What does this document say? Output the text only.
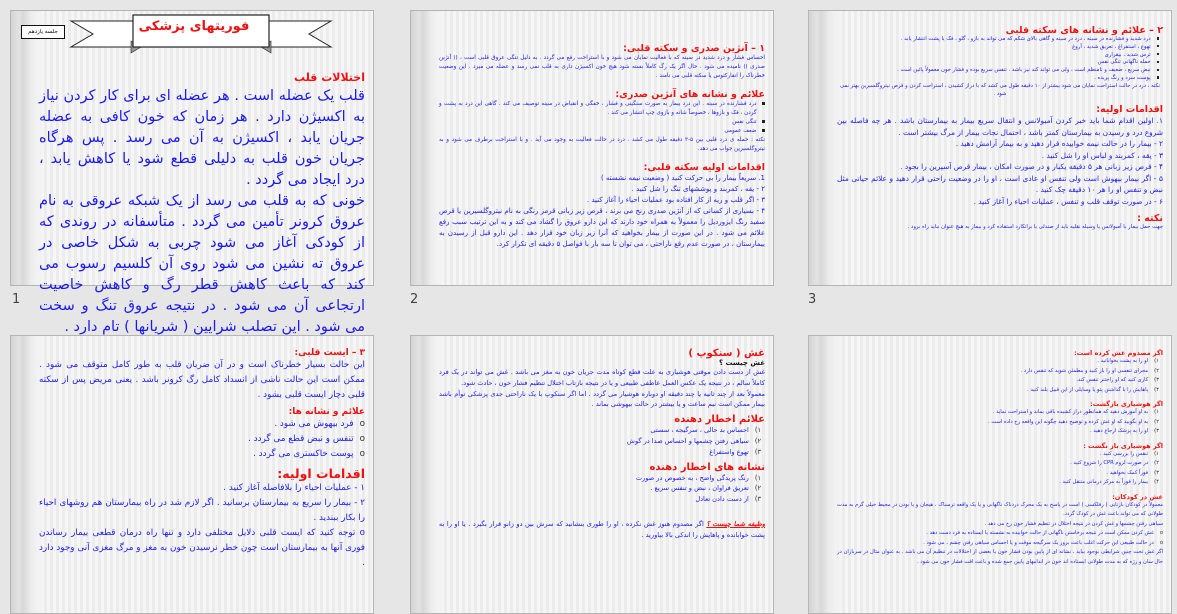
فوریتهای پزشکی
جلسه یازدهم
اختلالات قلب
قلب یک عضله است . هر عضله ای برای کار کردن نیاز به اکسیژن دارد . هر زمان که خون کافی به عضله جریان یابد ، اکسیژن به آن می رسد . پس هرگاه جریان خون قلب به دلیلی قطع شود یا کاهش یابد ، درد ایجاد می گردد .
خونی که به قلب می رسد از یک شبکه عروقی به نام عروق کرونر تأمین می گردد . متأسفانه در روندی که از کودکی آغاز می شود چربی به شکل خاصی در عروق ته نشین می شود روی آن کلسیم رسوب می کند که باعث کاهش قطر رگ و کاهش خاصیت ارتجاعی آن می شود . در نتیجه عروق تنگ و سخت می شود . این تصلب شرایین ( شریانها ) تام دارد .
۱ – آنژین صدری و سکته قلبی:
احساس فشار و درد شدید در سینه که با فعالیت نمایان می شود و با استراحت رفع می گردد . به دلیل تنگی عروق قلبی است ، (( آنژین صدری )) نامیده می شود . حال اگر یک رگ کاملاً بسته شود هیچ خون اکسیژن داری به قلب نمی رسد و عضله می میرد . این وضعیت خطرناک را انفارکتوس یا سکته قلبی می نامند .
علائم و نشانه های آنژین صدری:
درد فشارنده در سینه . این درد بیمار به صورت سنگینی و فشار ، خفگی و انقباض در سینه توصیف می کند . گاهی این درد به پشت و گردن ، فک و بازوها ، خصوصاً شانه و بازوی چپ انتشار می کند .
تنگی نفس
ضعف عمومی
نکته : حمله ی درد قلبی بین ۵-۳ دقیقه طول می کشد . درد در حالت فعالیت به وجود می آید . و با استراحت برطرف می شود و به نیتروگلسیرین جواب می دهد.
اقدامات اولیه سکته قلبی:
1. سریعاً بیمار را بی حرکت کنید ( وضعیت نیمه نشسته )
۲ - یقه ، کمربند و پوششهای تنگ را شل کنید .
۳ - اگر قلب و ریه از کار افتاده بود عملیات احیاء را آغاز کنید .
۴ - بسیاری از کسانی که از آنژین صدری رنج می برند ، قرص زیر زبانی قرمز رنگی به نام نیتروگلسیرین یا قرص سفید رنگ ایزوردیل را معمولاً به همراه خود دارند که این دارو عروق را گشاد می کند و به این ترتیب سبب رفع علائم می شود . در این صورت از بیمار بخواهید که آنرا زیر زبان خود قرار دهد . این دارو قبل از رسیدن به بیمارستان ، در صورت عدم رفع ناراحتی ، می توان تا سه بار با فواصل ۵ دقیقه ای تکرار کرد.
۲ – علائم و نشانه های سکته قلبی
درد شدید و فشارنده در سینه ، درد در سینه و گاهی بالای شکم که می تواند به بازو ، گلو ، فک یا پشت انتشار یابد .
تهوع ، استفراغ ، تعریق شدید ، آروغ
ترس شدید ، بیقراری
حمله ناگهانی تنگی نفس
نبض سریع ، ضعیف و نامنظم است ، ولی می تواند کند نیز باشد . تنفس سریع بوده و فشار خون معمولاً پائین است .
پوست سرد و رنگ پریده .
نکته ، درد در حالت استراحت نمایان می شود بیشتر از ۱۰ دقیقه طول می کشد که با دراز کشیدن ، استراحت کردن و قرص نیتروگلسیرین بهتر نمی شود .
اقدامات اولیه:
۱. اولین اقدام شما باید خبر کردن آمبولانس و انتقال سریع بیمار به بیمارستان باشد . هر چه فاصله بین شروع درد و رسیدن به بیمارستان کمتر باشد ، احتمال نجات بیمار از مرگ بیشتر است .
۲ - بیمار را در حالت نیمه خوابیده قرار دهید و به بیمار آرامش دهید .
۳ - یقه ، کمربند و لباس او را شل کنید .
۴ - قرص زیر زبانی هر ۵ دقیقه یکبار و در صورت امکان ، بیمار قرص آسپرین را بجود .
۵ - اگر بیمار بیهوش است ولی تنفس او عادی است ، او را در وضعیت راحتی قرار دهید و علائم حیاتی مثل نبض و تنفس او را هر ۱۰ دقیقه چک کنید .
۶ - در صورت توقف قلب و تنفس ، عملیات احیاء را آغاز کنید .
نکته :
جهت حمل بیمار با آمبولانس یا وسیله نقلیه باید از صندلی یا برانکارد استفاده کرد و بیمار به هیچ عنوان نباید راه برود .
۳ – ایست قلبی:
این حالت بسیار خطرناک است و در آن ضربان قلب به طور کامل متوقف می شود . ممکن است این حالت ناشی از انسداد کامل رگ کرونر باشد . یعنی مریض پس از سکته قلبی دچار ایست قلبی بشود .
علائم و نشانه ها:
o
فرد بیهوش می شود .
o
تنفس و نبض قطع می گردد .
o
پوست خاکستری می گردد .
اقدامات اولیه:
۱ - عملیات احیاء را بلافاصله آغاز کنید .
۲ - بیمار را سریع به بیمارستان برسانید . اگر لازم شد در راه بیمارستان هم روشهای احیاء را بکار ببندید .
o توجه کنید که ایست قلبی دلایل مختلفی دارد و تنها راه درمان قطعی بیمار رساندن فوری آنها به بیمارستان است چون خطر نرسیدن خون به مغز و مرگ مغزی آنی وجود دارد .
غش ( سنکوپ )
غش چیست ؟
غش از دست دادن موقتی هوشیاری به علت قطع کوتاه مدت جریان خون به مغز می باشد . غش می تواند در یک فرد کاملاً سالم ، در نتیجه یک عکس العمل عاطفی طبیعی و یا در نتیجه بازتاب اختلال تنظیم فشار خون ، حادث شود.
معمولاً بعد از چند ثانیه یا چند دقیقه او دوباره هوشیار می گردد . اما اگر سنکوپ با یک ناراحتی جدی پزشکی توأم باشد بیمار ممکن است نیم ساعت و یا بیشتر در حالت بیهوشی بماند .
علائم اخطار دهنده
۱)
احساس بد حالی ، سرگیجه ، سستی
۲)
سیاهی رفتن چشمها و احساس صدا در گوش
۳)
تهوع واستفراغ
نشانه های اخطار دهنده
۱)
رنگ پریدگی واضح ، به خصوص در صورت
۲)
تعریق فراوان ، نبض و تنفس سریع .
۳)
از دست دادن تعادل
وظیفه شما چیست ؟ اگر مصدوم هنوز غش نکرده ، او را طوری بنشانید که سرش بین دو زانو قرار بگیرد . یا او را به پشت خوابانده و پاهایش را اندکی بالا بیاورید .
اگر مصدوم غش کرده است:
۱)
او را به پشت بخوابانید .
۲)
مجرای تنفسی او را باز کنید و مطمئن شوید که تنفس دارد .
۳)
کاری کنید که او راحتتر تنفس کند.
۴)
پاهایش را با گذاشتن پتو یا وسایلی از این قبیل بلند کنید .
اگر هوشیاری بازگشت:
۱)
به او آموزش دهید که همانطور دراز کشیده باقی بماند و استراحت نماید .
۲)
به او بگویید که او غش کرده و توضیح دهید چگونه این واقعه رخ داده است .
۳)
او را به پزشک ارجاع دهید .
اگر هوشیاری باز نگشت :
۱)
تنفس را بررسی کنید .
۲)
در صورت لزوم CPR را شروع کنید .
۳)
فوراً کمک بخواهید .
۴)
بیمار را فوراً به مرکز درمانی منتقل کنید .
غش در کودکان:
معمولاً در کودکان بازتابی ( رفلکسی ) است در پاسخ به یک محرک دردناک ناگهانی و یا یک واقعه ترسناک ، هیجان و یا بودن در محیط خیلی گرم به مدت طولانی که می تواند باعث غش در کودک گردد.
سیاهی رفتن چشمها و غش کردن در نتیجه اختلال در تنظیم فشار خون رخ می دهد .
o
غش کردن ممکن است در نتیجه برخاستن ناگهانی از حالت خوابیده به نشسته یا ایستاده به فرد دست دهد .
o
در حالت طبیعی این حرکت اغلب باعث بروز یک سرگیجه موقت و یا احساس سیاهی رفتن چشم ، می شود .
اگر غش تحت چنین شرایطی بوجود بیاید ، نشانه ای از پایین بودن فشار خون یا بعضی از اختلالات در تنظیم آن می باشد . به عنوان مثال در سربازان در حال سان و رژه که به مدت طولانی ایستاده اند خون در اندامهای پایین جمع شده و باعث افت فشار خون می شود .
1	2	3
